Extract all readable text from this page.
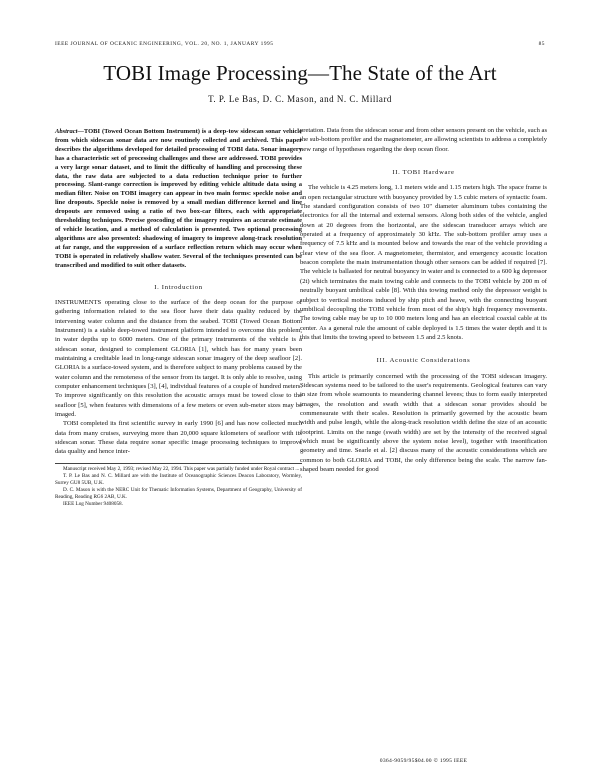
IEEE JOURNAL OF OCEANIC ENGINEERING, VOL. 20, NO. 1, JANUARY 1995	85
TOBI Image Processing—The State of the Art
T. P. Le Bas, D. C. Mason, and N. C. Millard
Abstract—TOBI (Towed Ocean Bottom Instrument) is a deep-tow sidescan sonar vehicle from which sidescan sonar data are now routinely collected and archived. This paper describes the algorithms developed for detailed processing of TOBI data. Sonar imagery has a characteristic set of processing challenges and these are addressed. TOBI provides a very large sonar dataset, and to limit the difficulty of handling and processing these data, the raw data are subjected to a data reduction technique prior to further processing. Slant-range correction is improved by editing vehicle altitude data using a median filter. Noise on TOBI imagery can appear in two main forms: speckle noise and line dropouts. Speckle noise is removed by a small median difference kernel and line dropouts are removed using a ratio of two box-car filters, each with appropriate thresholding techniques. Precise geocoding of the imagery requires an accurate estimate of vehicle location, and a method of calculation is presented. Two optional processing algorithms are also presented: shadowing of imagery to improve along-track resolution at far range, and the suppression of a surface reflection return which may occur when TOBI is operated in relatively shallow water. Several of the techniques presented can be transcribed and modified to suit other datasets.
I. Introduction

INSTRUMENTS operating close to the surface of the deep ocean for the purpose of gathering information related to the sea floor have their data quality reduced by the intervening water column and the distance from the seabed. TOBI (Towed Ocean Bottom Instrument) is a stable deep-towed instrument platform intended to overcome this problem, in water depths up to 6000 meters. One of the primary instruments of the vehicle is a sidescan sonar, designed to complement GLORIA [1], which has for many years been maintaining a creditable lead in long-range sidescan sonar imagery of the deep seafloor [2]. GLORIA is a surface-towed system, and is therefore subject to many problems caused by the water column and the remoteness of the sensor from its target. It is only able to resolve, using computer enhancement techniques [3], [4], individual features of a couple of hundred meters. To improve significantly on this resolution the acoustic arrays must be towed close to the seafloor [5], when features with dimensions of a few meters or even sub-meter sizes may be imaged.

TOBI completed its first scientific survey in early 1990 [6] and has now collected much data from many cruises, surveying more than 20,000 square kilometers of seafloor with its sidescan sonar. These data require sonar specific image processing techniques to improve data quality and hence inter-

Manuscript received May 2, 1993; revised May 22, 1994. This paper was partially funded under Royal contract ...

T. P. Le Bas and N. C. Millard are with the Institute of Oceanographic Sciences Deacon Laboratory, Wormley, Surrey GU8 5UB, U.K.

D. C. Mason is with the NERC Unit for Thematic Information Systems, Department of Geography, University of Reading, Reading RG6 2AB, U.K.

IEEE Log Number 9408058.

pretation. Data from the sidescan sonar and from other sensors present on the vehicle, such as the sub-bottom profiler and the magnetometer, are allowing scientists to address a completely new range of hypotheses regarding the deep ocean floor.

II. TOBI Hardware

The vehicle is 4.25 meters long, 1.1 meters wide and 1.15 meters high. The space frame is an open rectangular structure with buoyancy provided by 1.5 cubic meters of syntactic foam. The standard configuration consists of two 10" diameter aluminum tubes containing the electronics for all the internal and external sensors. Along both sides of the vehicle, angled down at 20 degrees from the horizontal, are the sidescan transducer arrays which are operated at a frequency of approximately 30 kHz. The sub-bottom profiler array uses a frequency of 7.5 kHz and is mounted below and towards the rear of the vehicle providing a clear view of the sea floor. A magnetometer, thermistor, and emergency acoustic location beacon complete the main instrumentation though other sensors can be added if required [7]. The vehicle is ballasted for neutral buoyancy in water and is connected to a 600 kg depressor (2t) which terminates the main towing cable and connects to the TOBI vehicle by 200 m of neutrally buoyant umbilical cable [8]. With this towing method only the depressor weight is subject to vertical motions induced by ship pitch and heave, with the connecting buoyant umbilical decoupling the TOBI vehicle from most of the ship's high frequency movements. The towing cable may be up to 10 000 meters long and has an electrical coaxial cable at its center. As a general rule the amount of cable deployed is 1.5 times the water depth and it is this that limits the towing speed to between 1.5 and 2.5 knots.

III. Acoustic Considerations

This article is primarily concerned with the processing of the TOBI sidescan imagery. Sidescan systems need to be tailored to the user's requirements. Geological features can vary in size from whole seamounts to meandering channel levees; thus to form easily interpreted images, the resolution and swath width that a sidescan sonar provides should be commensurate with their scales. Resolution is primarily governed by the acoustic beam width and pulse length, while the along-track resolution width define the size of an acoustic footprint. Limits on the range (swath width) are set by the intensity of the received signal (which must be significantly above the system noise level), together with insonification geometry and time. Searle et al. [2] discuss many of the acoustic considerations which are common to both GLORIA and TOBI, the only difference being the scale. The narrow fan-shaped beam needed for good

0364-9059/95$04.00 © 1995 IEEE
